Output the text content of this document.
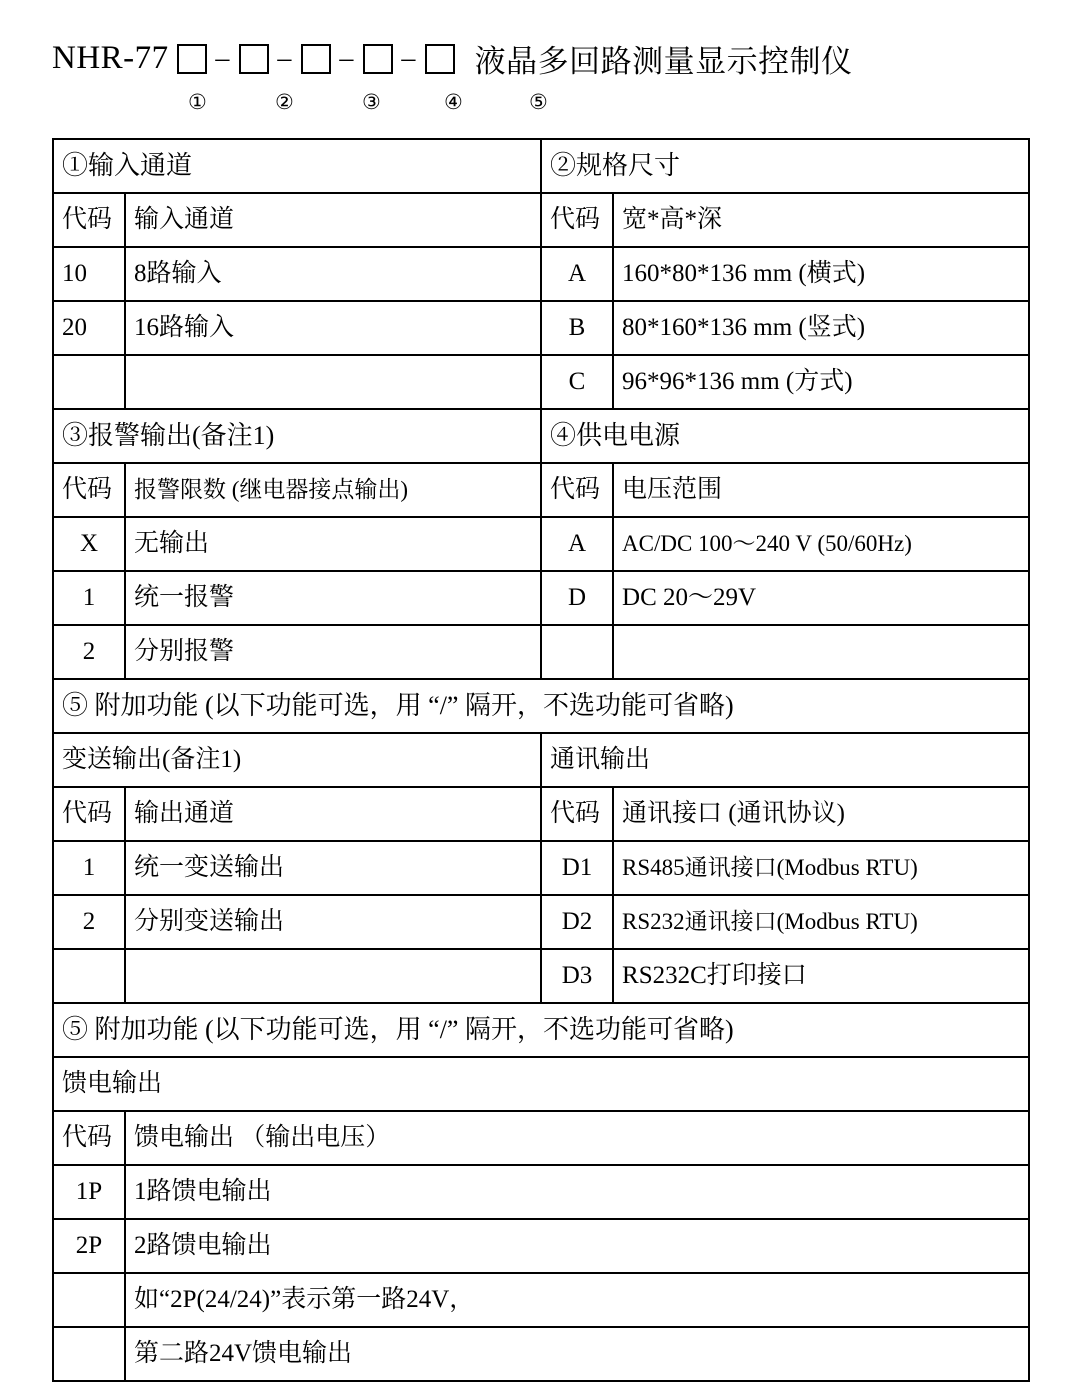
NHR-77 – – – – 液晶多回路测量显示控制仪
①	②	③	④	⑤
①输入通道		②规格尺寸	
代码	输入通道	代码	宽*高*深
10	8路输入	A	160*80*136 mm (横式)
20	16路输入	B	80*160*136 mm (竖式)
		C	96*96*136 mm (方式)
③报警输出(备注1)		④供电电源	
代码	报警限数 (继电器接点输出)	代码	电压范围
X	无输出	A	AC/DC 100～240 V (50/60Hz)
1	统一报警	D	DC 20～29V
2	分别报警		
⑤ 附加功能 (以下功能可选，用 “/” 隔开，不选功能可省略)			
变送输出(备注1)		通讯输出	
代码	输出通道	代码	通讯接口 (通讯协议)
1	统一变送输出	D1	RS485通讯接口(Modbus RTU)
2	分别变送输出	D2	RS232通讯接口(Modbus RTU)
		D3	RS232C打印接口
⑤ 附加功能 (以下功能可选，用 “/” 隔开，不选功能可省略)			
馈电输出			
代码	馈电输出 （输出电压）		
1P	1路馈电输出		
2P	2路馈电输出		
	如“2P(24/24)”表示第一路24V，		
	第二路24V馈电输出		
